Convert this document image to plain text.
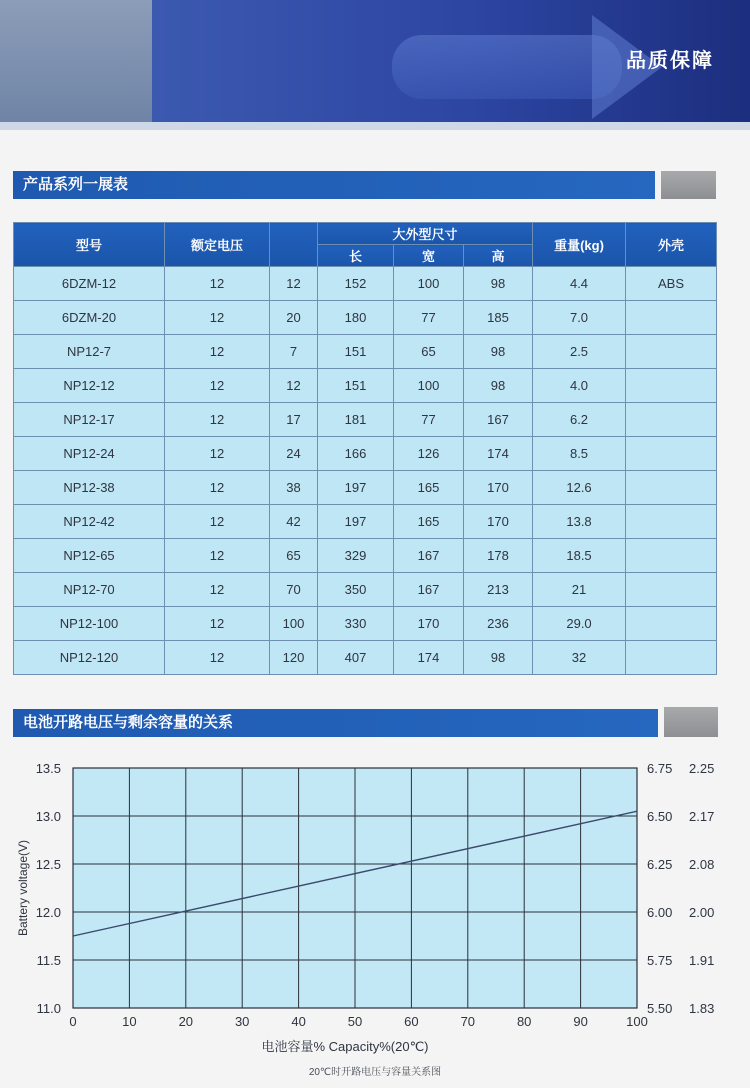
品质保障
产品系列一展表
型号	额定电压		大外型尺寸			重量(kg)	外壳
			长	宽	高		
6DZM-12	12	12	152	100	98	4.4	ABS
6DZM-20	12	20	180	77	185	7.0	
NP12-7	12	7	151	65	98	2.5	
NP12-12	12	12	151	100	98	4.0	
NP12-17	12	17	181	77	167	6.2	
NP12-24	12	24	166	126	174	8.5	
NP12-38	12	38	197	165	170	12.6	
NP12-42	12	42	197	165	170	13.8	
NP12-65	12	65	329	167	178	18.5	
NP12-70	12	70	350	167	213	21	
NP12-100	12	100	330	170	236	29.0	
NP12-120	12	120	407	174	98	32	
电池开路电压与剩余容量的关系
0	10	20	30	40	50	60	70	80	90	100
11.0
11.5
12.0
12.5
13.0
13.5
5.50 1.83
5.75 1.91
6.00 2.00
6.25 2.08
6.50 2.17
6.75 2.25
Battery voltage(V)
电池容量% Capacity%(20℃)
20℃时开路电压与容量关系图
